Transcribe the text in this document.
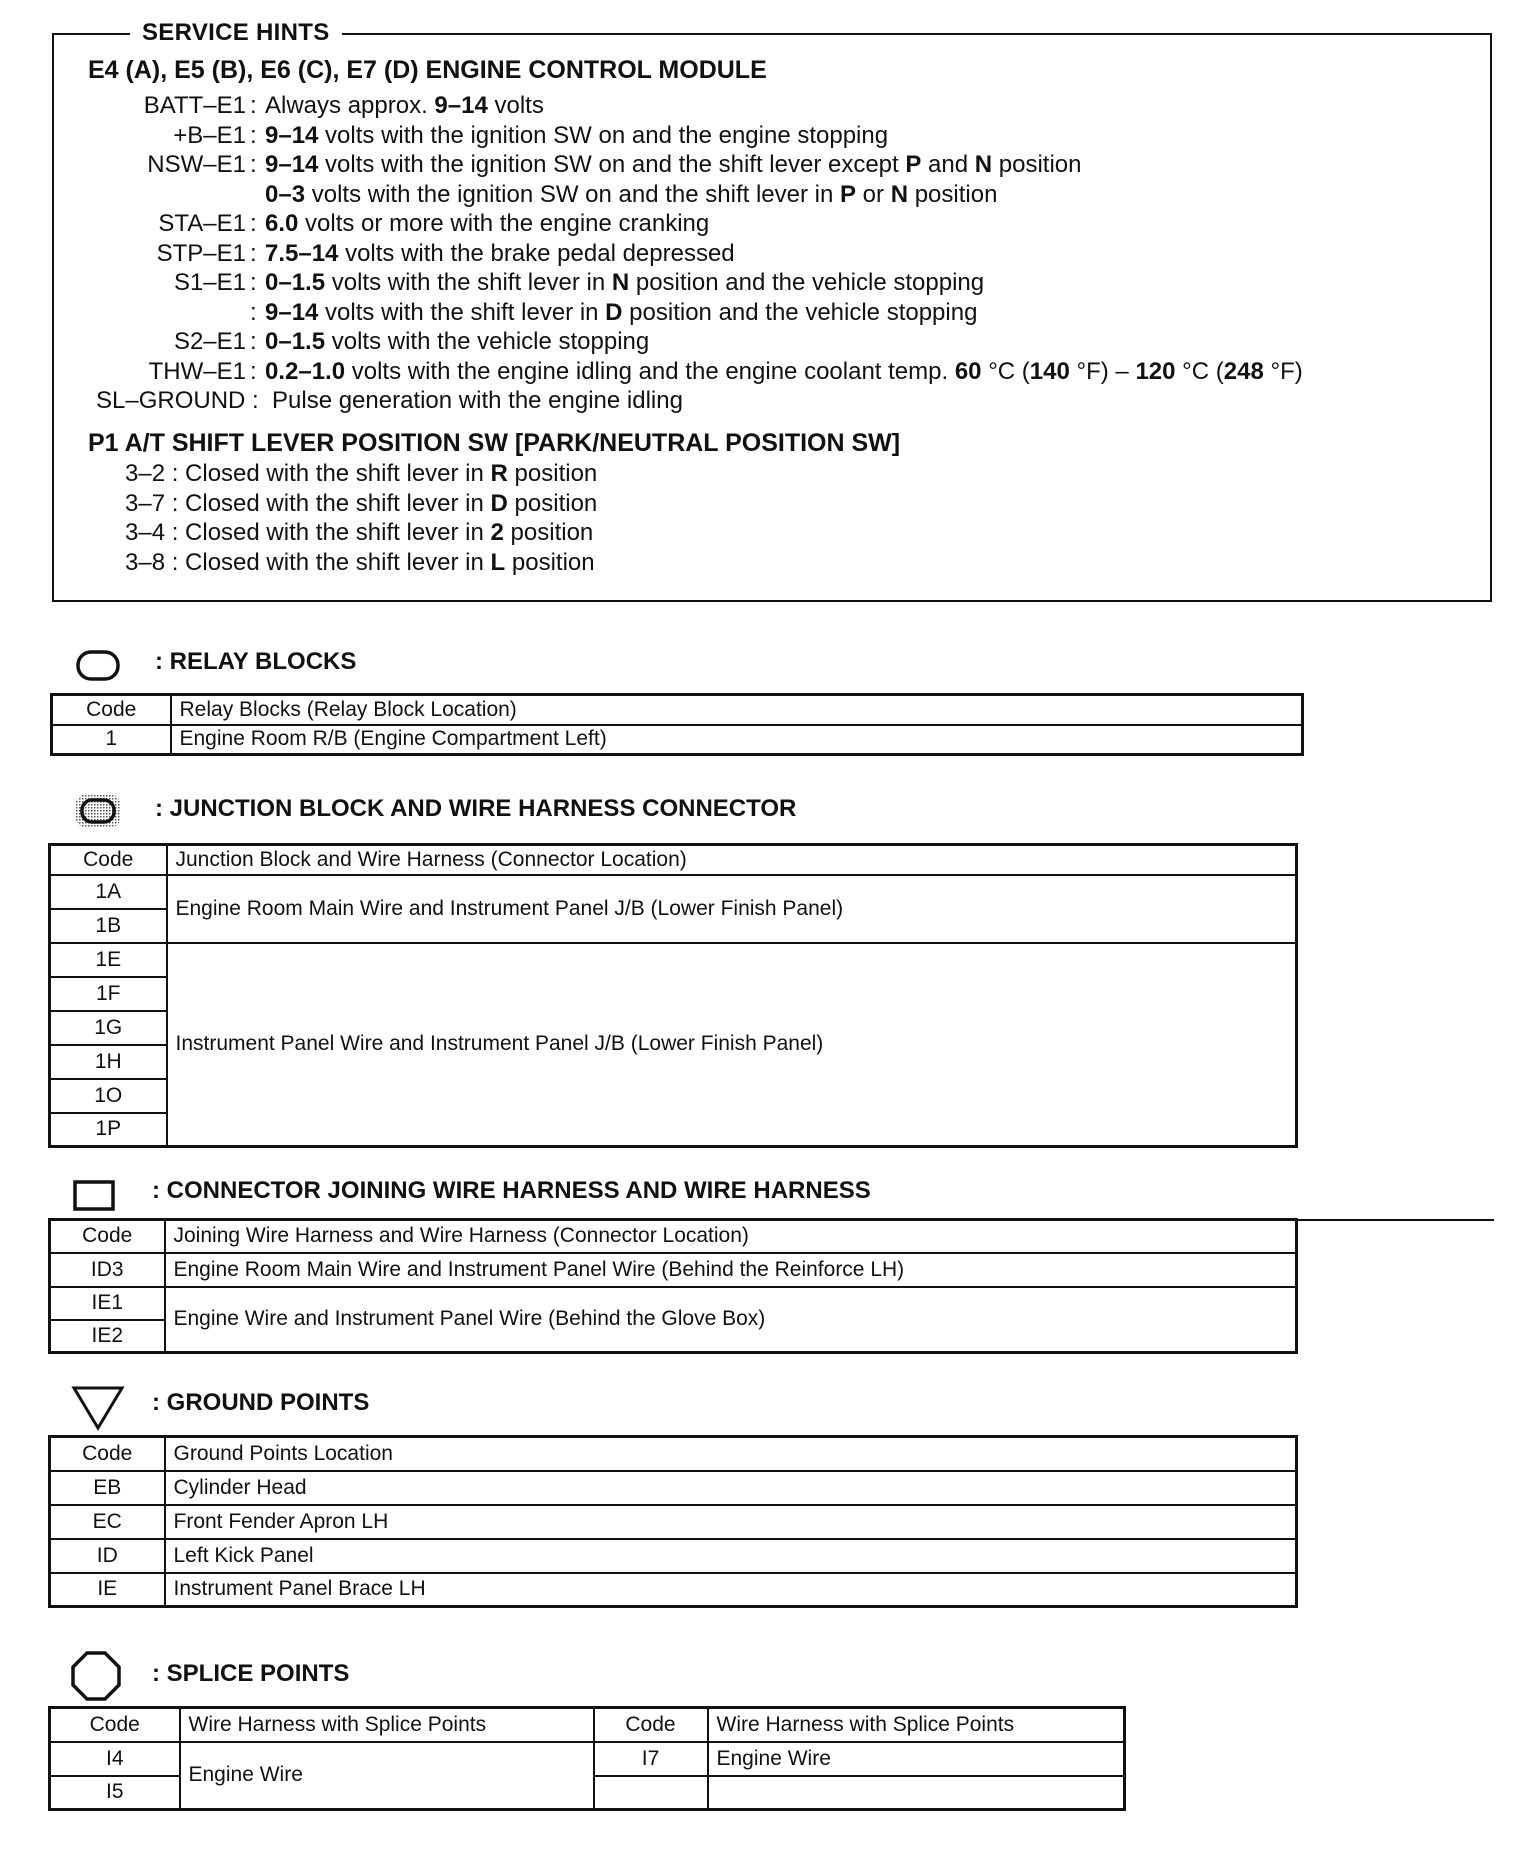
SERVICE HINTS
E4 (A), E5 (B), E6 (C), E7 (D) ENGINE CONTROL MODULE
BATT–E1 : Always approx. 9–14 volts
+B–E1 : 9–14 volts with the ignition SW on and the engine stopping
NSW–E1 : 9–14 volts with the ignition SW on and the shift lever except P and N position
0–3 volts with the ignition SW on and the shift lever in P or N position
STA–E1 : 6.0 volts or more with the engine cranking
STP–E1 : 7.5–14 volts with the brake pedal depressed
S1–E1 : 0–1.5 volts with the shift lever in N position and the vehicle stopping
: 9–14 volts with the shift lever in D position and the vehicle stopping
S2–E1 : 0–1.5 volts with the vehicle stopping
THW–E1 : 0.2–1.0 volts with the engine idling and the engine coolant temp. 60 °C (140 °F) – 120 °C (248 °F)
SL–GROUND : Pulse generation with the engine idling
P1 A/T SHIFT LEVER POSITION SW [PARK/NEUTRAL POSITION SW]
3–2 : Closed with the shift lever in R position
3–7 : Closed with the shift lever in D position
3–4 : Closed with the shift lever in 2 position
3–8 : Closed with the shift lever in L position
: RELAY BLOCKS
Code	Relay Blocks (Relay Block Location)
1	Engine Room R/B (Engine Compartment Left)
: JUNCTION BLOCK AND WIRE HARNESS CONNECTOR
Code	Junction Block and Wire Harness (Connector Location)
1A	Engine Room Main Wire and Instrument Panel J/B (Lower Finish Panel)
1B	
1E	Instrument Panel Wire and Instrument Panel J/B (Lower Finish Panel)
1F	
1G	
1H	
1O	
1P	
: CONNECTOR JOINING WIRE HARNESS AND WIRE HARNESS
Code	Joining Wire Harness and Wire Harness (Connector Location)
ID3	Engine Room Main Wire and Instrument Panel Wire (Behind the Reinforce LH)
IE1	Engine Wire and Instrument Panel Wire (Behind the Glove Box)
IE2	
: GROUND POINTS
Code	Ground Points Location
EB	Cylinder Head
EC	Front Fender Apron LH
ID	Left Kick Panel
IE	Instrument Panel Brace LH
: SPLICE POINTS
Code	Wire Harness with Splice Points	Code	Wire Harness with Splice Points
I4	Engine Wire	I7	Engine Wire
I5			
